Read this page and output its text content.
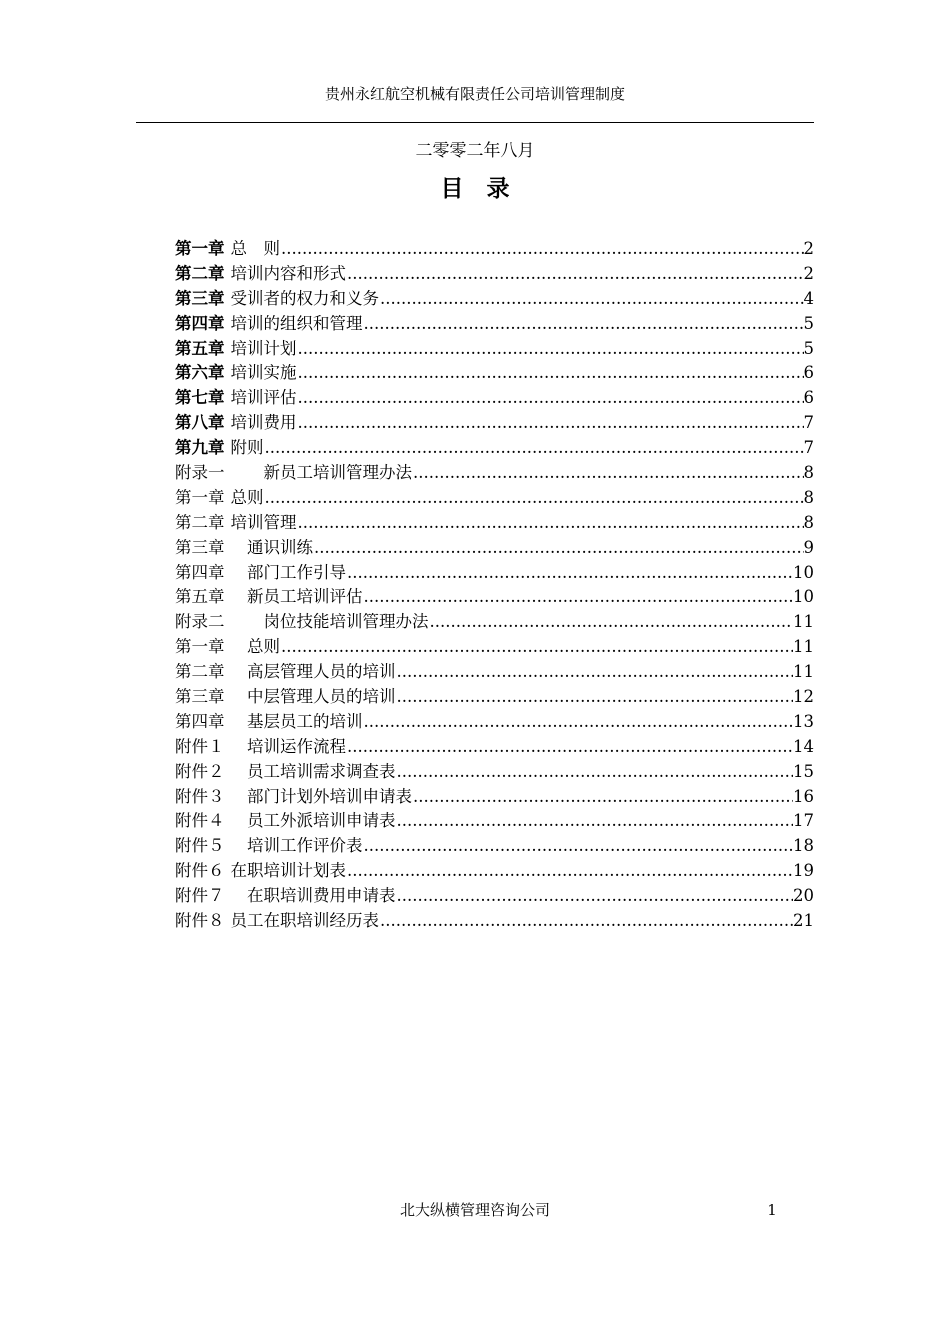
贵州永红航空机械有限责任公司培训管理制度
二零零二年八月
目　录
第一章 总　则 .....	2
第二章 培训内容和形式 .....	2
第三章 受训者的权力和义务 .....	4
第四章 培训的组织和管理 .....	5
第五章 培训计划 .....	5
第六章 培训实施 .....	6
第七章 培训评估 .....	6
第八章 培训费用 .....	7
第九章 附则 .....	7
附录一 　　新员工培训管理办法 .....	8
第一章 总则 .....	8
第二章 培训管理 .....	8
第三章 　通识训练 .....	9
第四章 　部门工作引导 .....	10
第五章 　新员工培训评估 .....	10
附录二 　　岗位技能培训管理办法 .....	11
第一章 　总则 .....	11
第二章 　高层管理人员的培训 .....	11
第三章 　中层管理人员的培训 .....	12
第四章 　基层员工的培训 .....	13
附件１ 　培训运作流程 .....	14
附件２ 　员工培训需求调查表 .....	15
附件３ 　部门计划外培训申请表 .....	16
附件４ 　员工外派培训申请表 .....	17
附件５ 　培训工作评价表 .....	18
附件６ 在职培训计划表 .....	19
附件７ 　在职培训费用申请表 .....	20
附件８ 员工在职培训经历表 .....	21
北大纵横管理咨询公司	1
